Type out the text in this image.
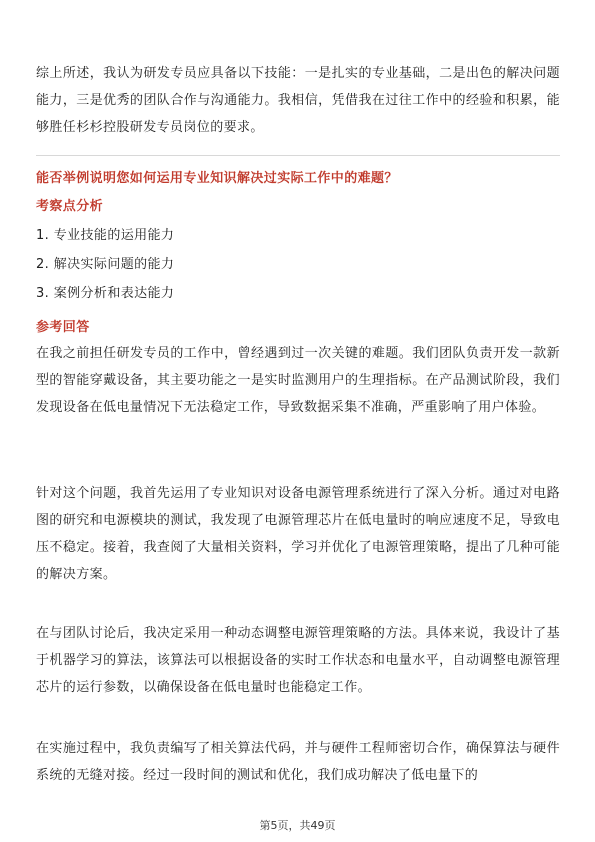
综上所述，我认为研发专员应具备以下技能：一是扎实的专业基础，二是出色的解决问题能力，三是优秀的团队合作与沟通能力。我相信，凭借我在过往工作中的经验和积累，能够胜任杉杉控股研发专员岗位的要求。

能否举例说明您如何运用专业知识解决过实际工作中的难题？
考察点分析
1. 专业技能的运用能力
2. 解决实际问题的能力
3. 案例分析和表达能力
参考回答

在我之前担任研发专员的工作中，曾经遇到过一次关键的难题。我们团队负责开发一款新型的智能穿戴设备，其主要功能之一是实时监测用户的生理指标。在产品测试阶段，我们发现设备在低电量情况下无法稳定工作，导致数据采集不准确，严重影响了用户体验。

针对这个问题，我首先运用了专业知识对设备电源管理系统进行了深入分析。通过对电路图的研究和电源模块的测试，我发现了电源管理芯片在低电量时的响应速度不足，导致电压不稳定。接着，我查阅了大量相关资料，学习并优化了电源管理策略，提出了几种可能的解决方案。

在与团队讨论后，我决定采用一种动态调整电源管理策略的方法。具体来说，我设计了基于机器学习的算法，该算法可以根据设备的实时工作状态和电量水平，自动调整电源管理芯片的运行参数，以确保设备在低电量时也能稳定工作。

在实施过程中，我负责编写了相关算法代码，并与硬件工程师密切合作，确保算法与硬件系统的无缝对接。经过一段时间的测试和优化，我们成功解决了低电量下的

第5页，共49页
